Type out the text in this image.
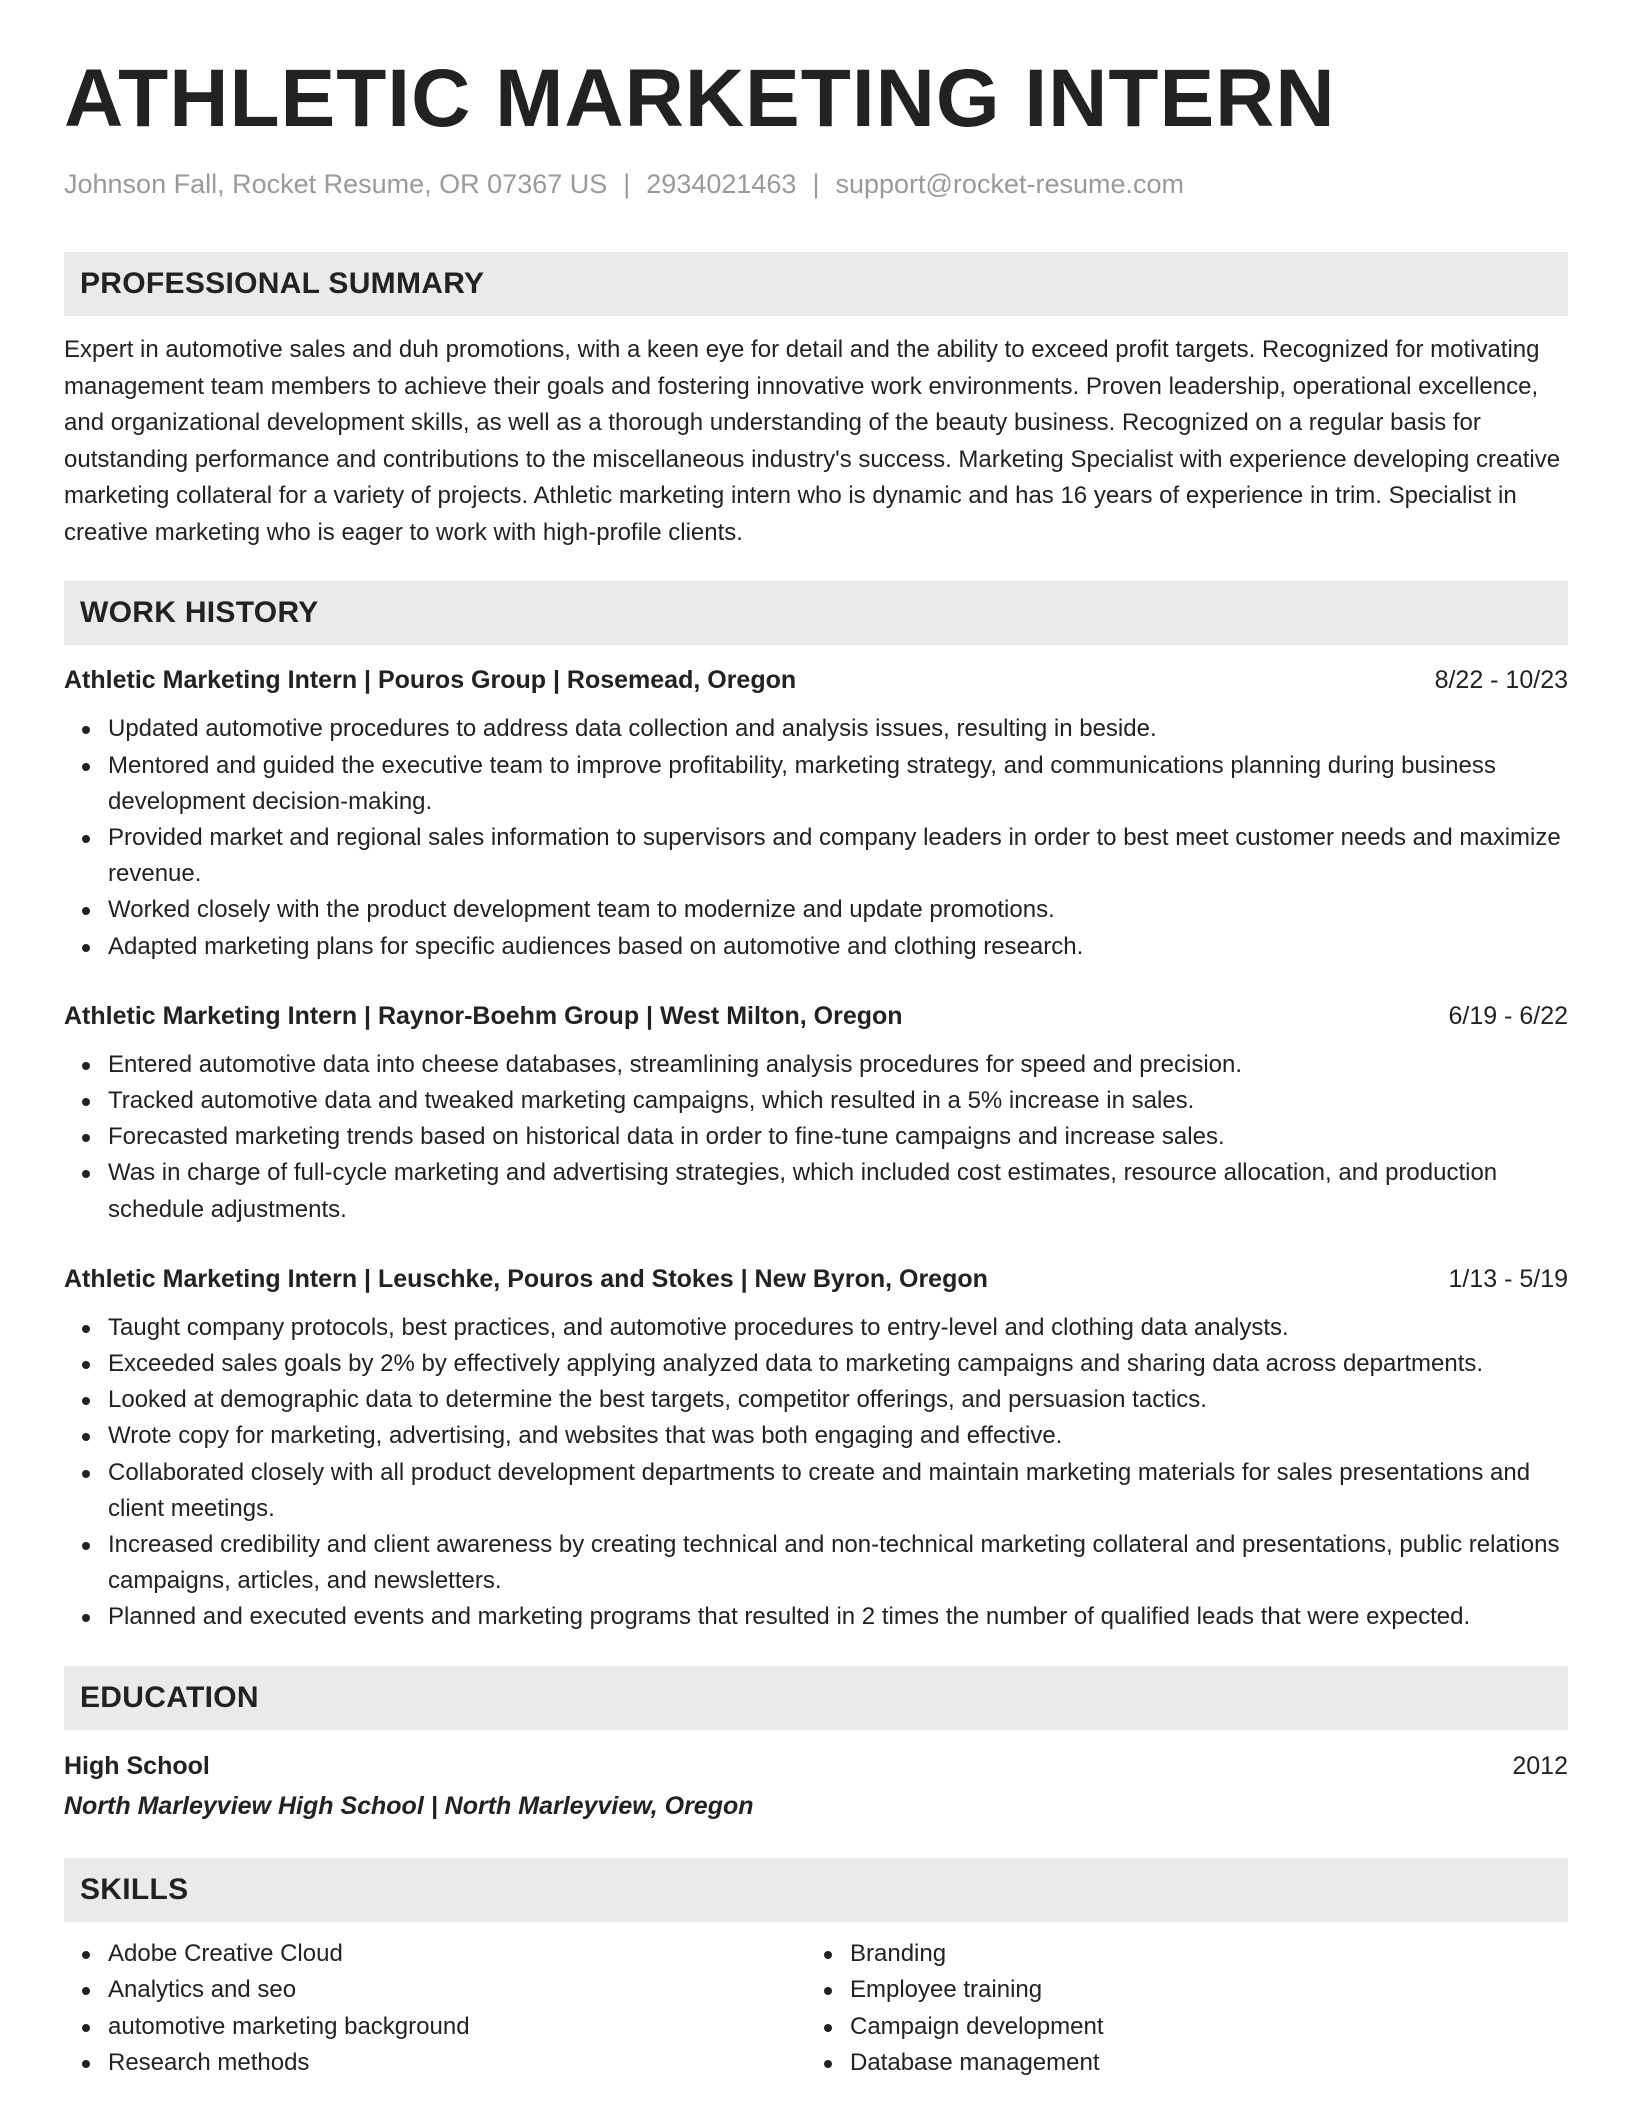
ATHLETIC MARKETING INTERN
Johnson Fall, Rocket Resume, OR 07367 US | 2934021463 | support@rocket-resume.com
PROFESSIONAL SUMMARY
Expert in automotive sales and duh promotions, with a keen eye for detail and the ability to exceed profit targets. Recognized for motivating management team members to achieve their goals and fostering innovative work environments. Proven leadership, operational excellence, and organizational development skills, as well as a thorough understanding of the beauty business. Recognized on a regular basis for outstanding performance and contributions to the miscellaneous industry's success. Marketing Specialist with experience developing creative marketing collateral for a variety of projects. Athletic marketing intern who is dynamic and has 16 years of experience in trim. Specialist in creative marketing who is eager to work with high-profile clients.
WORK HISTORY
Athletic Marketing Intern | Pouros Group | Rosemead, Oregon	8/22 - 10/23
Updated automotive procedures to address data collection and analysis issues, resulting in beside.
Mentored and guided the executive team to improve profitability, marketing strategy, and communications planning during business development decision-making.
Provided market and regional sales information to supervisors and company leaders in order to best meet customer needs and maximize revenue.
Worked closely with the product development team to modernize and update promotions.
Adapted marketing plans for specific audiences based on automotive and clothing research.
Athletic Marketing Intern | Raynor-Boehm Group | West Milton, Oregon	6/19 - 6/22
Entered automotive data into cheese databases, streamlining analysis procedures for speed and precision.
Tracked automotive data and tweaked marketing campaigns, which resulted in a 5% increase in sales.
Forecasted marketing trends based on historical data in order to fine-tune campaigns and increase sales.
Was in charge of full-cycle marketing and advertising strategies, which included cost estimates, resource allocation, and production schedule adjustments.
Athletic Marketing Intern | Leuschke, Pouros and Stokes | New Byron, Oregon	1/13 - 5/19
Taught company protocols, best practices, and automotive procedures to entry-level and clothing data analysts.
Exceeded sales goals by 2% by effectively applying analyzed data to marketing campaigns and sharing data across departments.
Looked at demographic data to determine the best targets, competitor offerings, and persuasion tactics.
Wrote copy for marketing, advertising, and websites that was both engaging and effective.
Collaborated closely with all product development departments to create and maintain marketing materials for sales presentations and client meetings.
Increased credibility and client awareness by creating technical and non-technical marketing collateral and presentations, public relations campaigns, articles, and newsletters.
Planned and executed events and marketing programs that resulted in 2 times the number of qualified leads that were expected.
EDUCATION
High School	2012
North Marleyview High School | North Marleyview, Oregon
SKILLS
Adobe Creative Cloud
Analytics and seo
automotive marketing background
Research methods
Branding
Employee training
Campaign development
Database management
